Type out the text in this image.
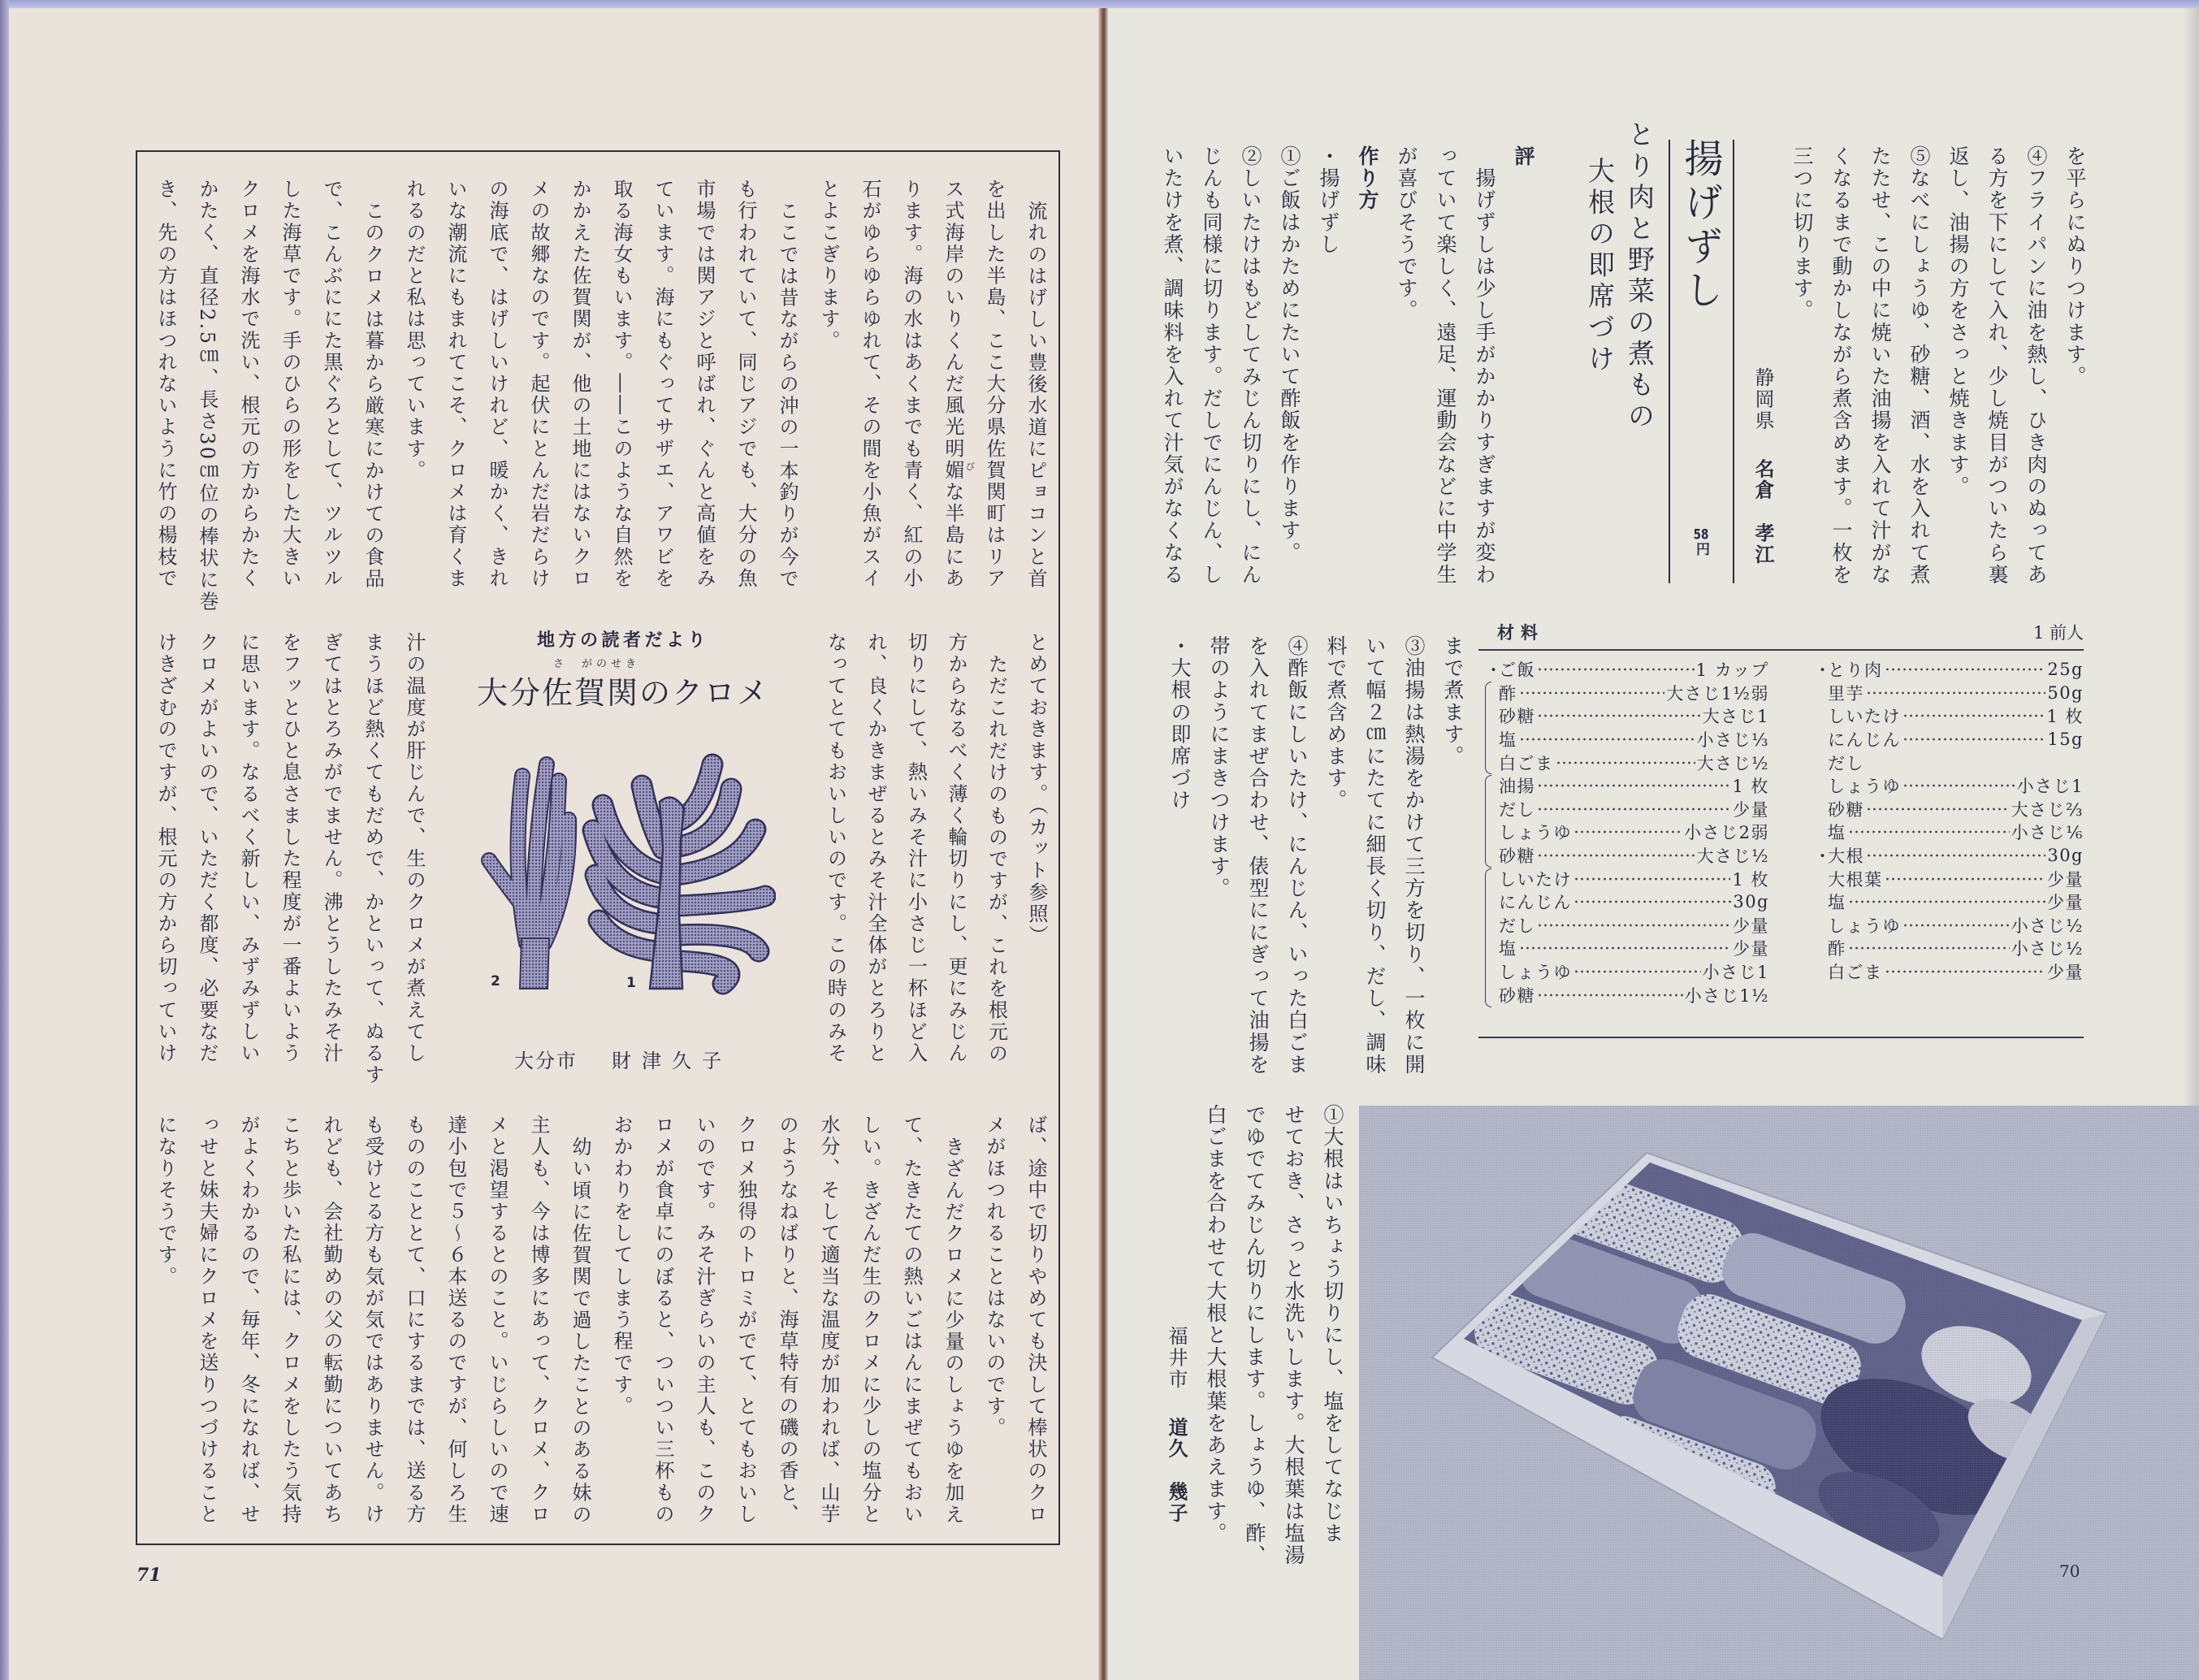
流れのはげしい豊後水道にピョコンと首
を出した半島、ここ大分県佐賀関町はリア
ス式海岸のいりくんだ風光明媚な半島にあ
ります。海の水はあくまでも青く、紅の小
石がゆらゆらゆれて、その間を小魚がスイ
とよこぎります。
ここでは昔ながらの沖の一本釣りが今で
も行われていて、同じアジでも、大分の魚
市場では関アジと呼ばれ、ぐんと高値をみ
ています。海にもぐってサザエ、アワビを
取る海女もいます。――このような自然を
かかえた佐賀関が、他の土地にはないクロ
メの故郷なのです。起伏にとんだ岩だらけ
の海底で、はげしいけれど、暖かく、きれ
いな潮流にもまれてこそ、クロメは育くま
れるのだと私は思っています。
このクロメは暮から厳寒にかけての食品
で、こんぶににた黒ぐろとして、ツルツル
した海草です。手のひらの形をした大きい
クロメを海水で洗い、根元の方からかたく
かたく、直径2.5㎝、長さ30㎝位の棒状に巻
き、先の方はほつれないように竹の楊枝で	び
とめておきます。（カット参照）
ただこれだけのものですが、これを根元の
方からなるべく薄く輪切りにし、更にみじん
切りにして、熱いみそ汁に小さじ一杯ほど入
れ、良くかきまぜるとみそ汁全体がとろりと
なってとてもおいしいのです。この時のみそ
地方の読者だより
さ がのせき
大分佐賀関のクロメ
2	1
大分市 財津久子
汁の温度が肝じんで、生のクロメが煮えてし
まうほど熱くてもだめで、かといって、ぬるす
ぎてはとろみがでません。沸とうしたみそ汁
をフッとひと息さました程度が一番よいよう
に思います。なるべく新しい、みずみずしい
クロメがよいので、いただく都度、必要なだ
けきざむのですが、根元の方から切っていけ
ば、途中で切りやめても決して棒状のクロ
メがほつれることはないのです。
きざんだクロメに少量のしょうゆを加え
て、たきたての熱いごはんにまぜてもおい
しい。きざんだ生のクロメに少しの塩分と
水分、そして適当な温度が加われば、山芋
のようなねばりと、海草特有の磯の香と、
クロメ独得のトロミがでて、とてもおいし
いのです。みそ汁ぎらいの主人も、このク
ロメが食卓にのぼると、ついつい三杯もの
おかわりをしてしまう程です。
幼い頃に佐賀関で過したことのある妹の
主人も、今は博多にあって、クロメ、クロ
メと渇望するとのこと。いじらしいので速
達小包で５〜６本送るのですが、何しろ生
もののこととて、口にするまでは、送る方
も受けとる方も気が気ではありません。け
れども、会社勤めの父の転勤についてあち
こちと歩いた私には、クロメをしたう気持
がよくわかるので、毎年、冬になれば、せ
っせと妹夫婦にクロメを送りつづけること
になりそうです。
71
を平らにぬりつけます。
④フライパンに油を熱し、ひき肉のぬってあ
る方を下にして入れ、少し焼目がついたら裏
返し、油揚の方をさっと焼きます。
⑤なべにしょうゆ、砂糖、酒、水を入れて煮
たたせ、この中に焼いた油揚を入れて汁がな
くなるまで動かしながら煮含めます。一枚を
三つに切ります。
静岡県名倉　孝江
揚げずし
58円
とり肉と野菜の煮もの
大根の即席づけ
評
揚げずしは少し手がかかりすぎますが変わ
っていて楽しく、遠足、運動会などに中学生
が喜びそうです。
作り方
・揚げずし
①ご飯はかためにたいて酢飯を作ります。
②しいたけはもどしてみじん切りにし、にん
じんも同様に切ります。だしでにんじん、し
いたけを煮、調味料を入れて汁気がなくなる
まで煮ます。
③油揚は熱湯をかけて三方を切り、一枚に開
いて幅２㎝にたてに細長く切り、だし、調味
料で煮含めます。
④酢飯にしいたけ、にんじん、いった白ごま
を入れてまぜ合わせ、俵型ににぎって油揚を
帯のようにまきつけます。
・大根の即席づけ
材料	1 前人
・
ご飯	1 カップ
酢	大さじ1½弱
砂糖	大さじ1
塩	小さじ⅓
白ごま	大さじ½
油揚	1 枚
だし	少量
しょうゆ	小さじ2弱
砂糖	大さじ½
しいたけ	1 枚
にんじん	30g
だし	少量
塩	少量
しょうゆ	小さじ1
砂糖	小さじ1½
・
とり肉	25g
里芋	50g
しいたけ	1 枚
にんじん	15g
だし
しょうゆ	小さじ1
砂糖	大さじ⅔
塩	小さじ⅙
・
大根	30g
大根葉	少量
塩	少量
しょうゆ	小さじ½
酢	小さじ½
白ごま	少量
①大根はいちょう切りにし、塩をしてなじま
せておき、さっと水洗いします。大根葉は塩湯
でゆでてみじん切りにします。しょうゆ、酢、
白ごまを合わせて大根と大根葉をあえます。
福井市道久　幾子
70
